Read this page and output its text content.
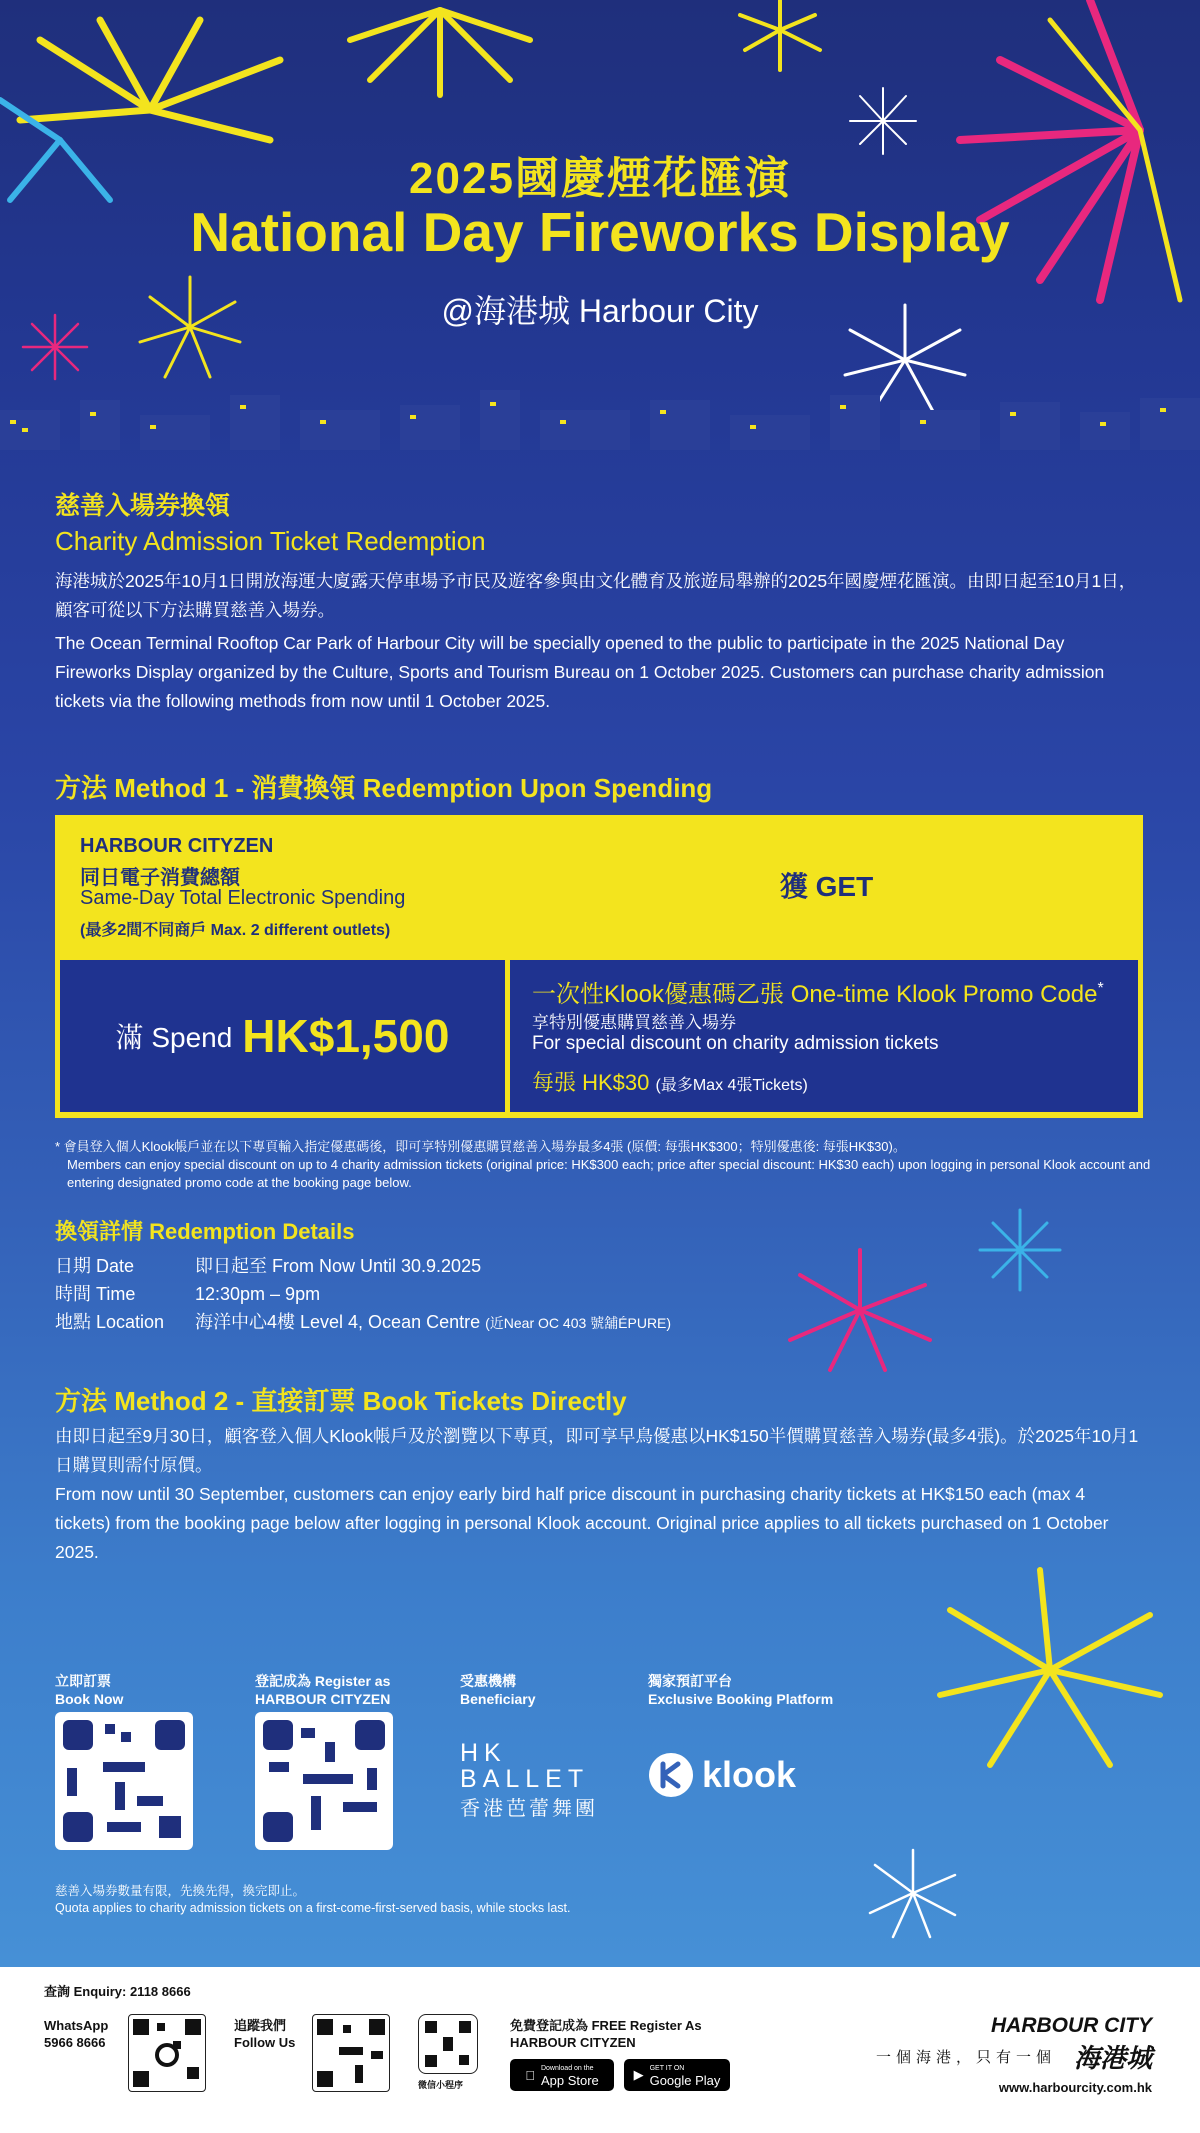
2025國慶煙花匯演
National Day Fireworks Display
@海港城 Harbour City
慈善入場券換領
Charity Admission Ticket Redemption

海港城於2025年10月1日開放海運大廈露天停車場予市民及遊客參與由文化體育及旅遊局舉辦的2025年國慶煙花匯演。由即日起至10月1日，顧客可從以下方法購買慈善入場券。

The Ocean Terminal Rooftop Car Park of Harbour City will be specially opened to the public to participate in the 2025 National Day Fireworks Display organized by the Culture, Sports and Tourism Bureau on 1 October 2025. Customers can purchase charity admission tickets via the following methods from now until 1 October 2025.

方法 Method 1 - 消費換領 Redemption Upon Spending
HARBOUR CITYZEN
同日電子消費總額
Same-Day Total Electronic Spending
(最多2間不同商戶 Max. 2 different outlets)
獲 GET
滿 Spend HK$1,500
一次性Klook優惠碼乙張 One-time Klook Promo Code*
享特別優惠購買慈善入場券
For special discount on charity admission tickets
每張 HK$30 (最多Max 4張Tickets)
* 會員登入個人Klook帳戶並在以下專頁輸入指定優惠碼後，即可享特別優惠購買慈善入場券最多4張 (原價: 每張HK$300；特別優惠後: 每張HK$30)。
Members can enjoy special discount on up to 4 charity admission tickets (original price: HK$300 each; price after special discount: HK$30 each) upon logging in personal Klook account and entering designated promo code at the booking page below.
換領詳情 Redemption Details
日期 Date	即日起至 From Now Until 30.9.2025
時間 Time	12:30pm – 9pm
地點 Location	海洋中心4樓 Level 4, Ocean Centre (近Near OC 403 號舖ÉPURE)
方法 Method 2 - 直接訂票 Book Tickets Directly

由即日起至9月30日，顧客登入個人Klook帳戶及於瀏覽以下專頁，即可享早鳥優惠以HK$150半價購買慈善入場券(最多4張)。於2025年10月1日購買則需付原價。

From now until 30 September, customers can enjoy early bird half price discount in purchasing charity tickets at HK$150 each (max 4 tickets) from the booking page below after logging in personal Klook account. Original price applies to all tickets purchased on 1 October 2025.

立即訂票
Book Now
登記成為 Register as
HARBOUR CITYZEN
受惠機構
Beneficiary
HK
BALLET
香港芭蕾舞團
獨家預訂平台
Exclusive Booking Platform
klook
慈善入場券數量有限，先換先得，換完即止。
Quota applies to charity admission tickets on a first-come-first-served basis, while stocks last.
查詢 Enquiry: 2118 8666
WhatsApp
5966 8666
追蹤我們
Follow Us
微信小程序
免費登記成為 FREE Register As
HARBOUR CITYZEN
Download on the
App Store	▶ GET IT ON
Google Play
HARBOUR CITY
海港城
一個海港，只有一個
www.harbourcity.com.hk
